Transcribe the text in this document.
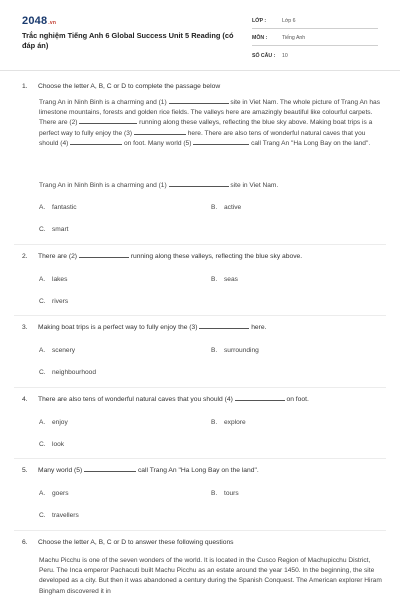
2048.vn
Trắc nghiệm Tiếng Anh 6 Global Success Unit 5 Reading (có đáp án)
LỚP :	Lớp 6
MÔN :	Tiếng Anh
SỐ CÂU :	10
1. Choose the letter A, B, C or D to complete the passage below
Trang An in Ninh Binh is a charming and (1)	site in Viet Nam. The whole picture of Trang An has limestone mountains, forests and golden rice fields. The valleys here are amazingly beautiful like colourful carpets. There are (2)	running along these valleys, reflecting the blue sky above. Making boat trips is a perfect way to fully enjoy the (3)	here. There are also tens of wonderful natural caves that you should (4)	on foot. Many world (5)	call Trang An "Ha Long Bay on the land".
Trang An in Ninh Binh is a charming and (1)	site in Viet Nam.
A. fantastic	B. active
C. smart
2. There are (2)	running along these valleys, reflecting the blue sky above.
A. lakes	B. seas
C. rivers
3. Making boat trips is a perfect way to fully enjoy the (3)	here.
A. scenery	B. surrounding
C. neighbourhood
4. There are also tens of wonderful natural caves that you should (4)	on foot.
A. enjoy	B. explore
C. look
5. Many world (5)	call Trang An "Ha Long Bay on the land".
A. goers	B. tours
C. travellers
6. Choose the letter A, B, C or D to answer these following questions
Machu Picchu is one of the seven wonders of the world. It is located in the Cusco Region of Machupicchu District, Peru. The Inca emperor Pachacuti built Machu Picchu as an estate around the year 1450. In the beginning, the site developed as a city. But then it was abandoned a century during the Spanish Conquest. The American explorer Hiram Bingham discovered it in
